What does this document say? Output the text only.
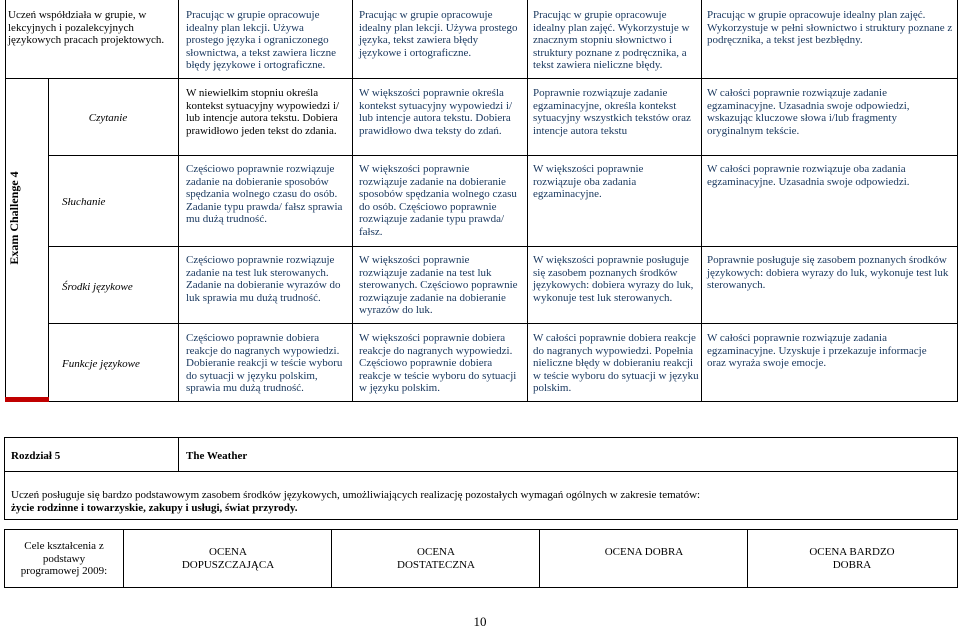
Uczeń współdziała w grupie, w lekcyjnych i pozalekcyjnych językowych pracach projektowych.
Pracując w grupie opracowuje idealny plan lekcji. Używa prostego języka i ograniczonego słownictwa, a tekst zawiera liczne błędy językowe i ortograficzne.
Pracując w grupie opracowuje idealny plan lekcji. Używa prostego języka, tekst zawiera błędy językowe i ortograficzne.
Pracując w grupie opracowuje idealny plan zajęć. Wykorzystuje w znacznym stopniu słownictwo i struktury poznane z podręcznika, a tekst zawiera nieliczne błędy.
Pracując w grupie opracowuje idealny plan zajęć. Wykorzystuje w pełni słownictwo i struktury poznane z podręcznika, a tekst jest bezbłędny.
Exam Challenge 4
Czytanie
W niewielkim stopniu określa kontekst sytuacyjny wypowiedzi i/ lub intencje autora tekstu. Dobiera prawidłowo jeden tekst do zdania.
W większości poprawnie określa kontekst sytuacyjny wypowiedzi i/ lub intencje autora tekstu. Dobiera prawidłowo dwa teksty do zdań.
Poprawnie rozwiązuje zadanie egzaminacyjne, określa kontekst sytuacyjny wszystkich tekstów oraz intencje autora tekstu
W całości poprawnie rozwiązuje zadanie egzaminacyjne. Uzasadnia swoje odpowiedzi, wskazując kluczowe słowa i/lub fragmenty oryginalnym tekście.
Słuchanie
Częściowo poprawnie rozwiązuje zadanie na dobieranie sposobów spędzania wolnego czasu do osób. Zadanie typu prawda/ fałsz sprawia mu dużą trudność.
W większości poprawnie rozwiązuje zadanie na dobieranie sposobów spędzania wolnego czasu do osób. Częściowo poprawnie rozwiązuje zadanie typu prawda/ fałsz.
W większości poprawnie rozwiązuje oba zadania egzaminacyjne.
W całości poprawnie rozwiązuje oba zadania egzaminacyjne. Uzasadnia swoje odpowiedzi.
Środki językowe
Częściowo poprawnie rozwiązuje zadanie na test luk sterowanych. Zadanie na dobieranie wyrazów do luk sprawia mu dużą trudność.
W większości poprawnie rozwiązuje zadanie na test luk sterowanych. Częściowo poprawnie rozwiązuje zadanie na dobieranie wyrazów do luk.
W większości poprawnie posługuje się zasobem poznanych środków językowych: dobiera wyrazy do luk, wykonuje test luk sterowanych.
Poprawnie posługuje się zasobem poznanych środków językowych: dobiera wyrazy do luk, wykonuje test luk sterowanych.
Funkcje językowe
Częściowo poprawnie dobiera reakcje do nagranych wypowiedzi. Dobieranie reakcji w teście wyboru do sytuacji w języku polskim, sprawia mu dużą trudność.
W większości poprawnie dobiera reakcje do nagranych wypowiedzi. Częściowo poprawnie dobiera reakcje w teście wyboru do sytuacji w języku polskim.
W całości poprawnie dobiera reakcje do nagranych wypowiedzi. Popełnia nieliczne błędy w dobieraniu reakcji w teście wyboru do sytuacji w języku polskim.
W całości poprawnie rozwiązuje zadania egzaminacyjne. Uzyskuje i przekazuje informacje oraz wyraża swoje emocje.
Rozdział 5	The Weather
Uczeń posługuje się bardzo podstawowym zasobem środków językowych, umożliwiających realizację pozostałych wymagań ogólnych w zakresie tematów:
życie rodzinne i towarzyskie, zakupy i usługi, świat przyrody.
Cele kształcenia z podstawy programowej 2009:
OCENA DOPUSZCZAJĄCA
OCENA DOSTATECZNA
OCENA DOBRA	OCENA BARDZO DOBRA
10
